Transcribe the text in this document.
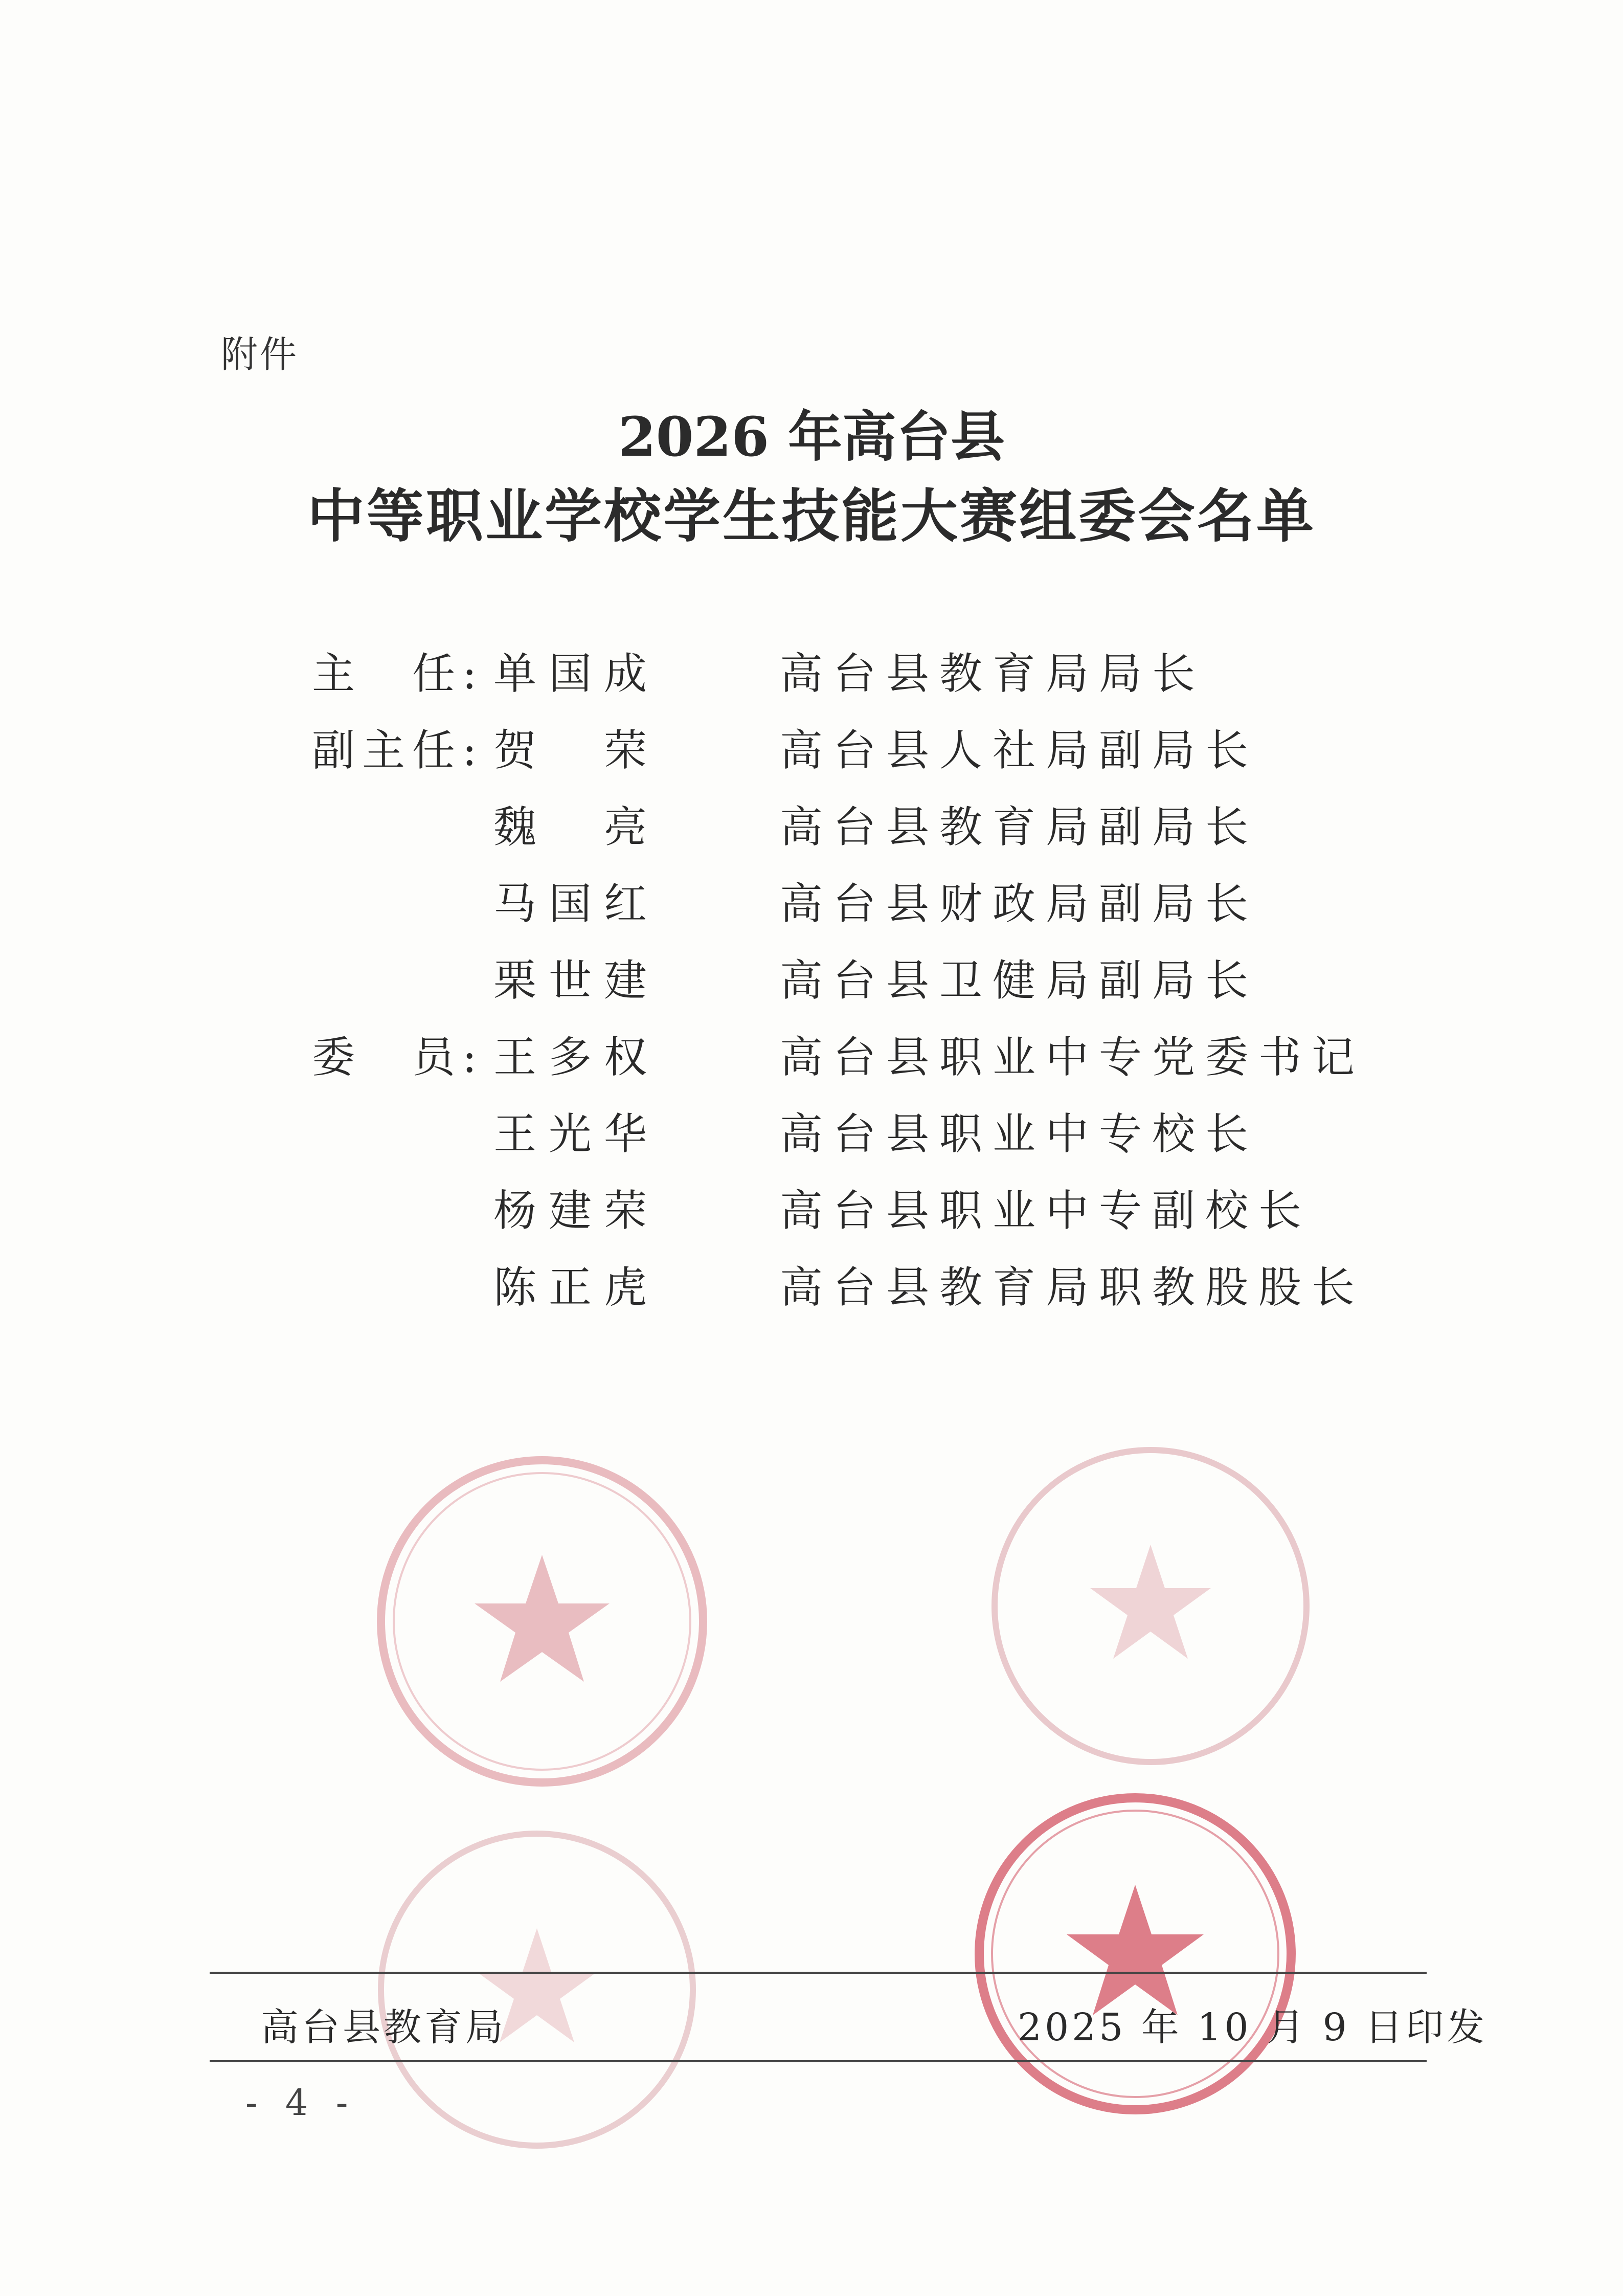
附件
2026 年高台县
中等职业学校学生技能大赛组委会名单
主　任: 单国成	高台县教育局局长
副主任: 贺　荣	高台县人社局副局长
魏　亮	高台县教育局副局长
马国红	高台县财政局副局长
栗世建	高台县卫健局副局长
委　员: 王多权	高台县职业中专党委书记
王光华	高台县职业中专校长
杨建荣	高台县职业中专副校长
陈正虎	高台县教育局职教股股长
高台县教育局	2025 年 10 月 9 日印发
- 4 -
